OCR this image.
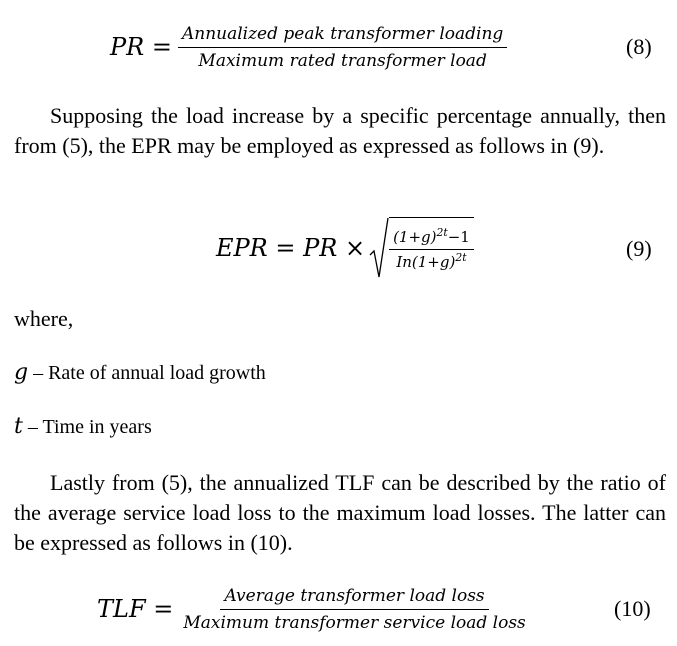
PR = $\frac{\text{Annualized peak transformer loading}}{\text{Maximum rated transformer load}}$	(8)

Supposing the load increase by a specific percentage annually, then from (5), the EPR may be employed as expressed as follows in (9).

EPR = PR × $\frac{(1+g)^{2t}-1}{In(1+g)^{2t}}$	(9)
where,
g – Rate of annual load growth
t – Time in years

Lastly from (5), the annualized TLF can be described by the ratio of the average service load loss to the maximum load losses. The latter can be expressed as follows in (10).

TLF = $\frac{\text{Average transformer load loss}}{\text{Maximum transformer service load loss}}$	(10)
